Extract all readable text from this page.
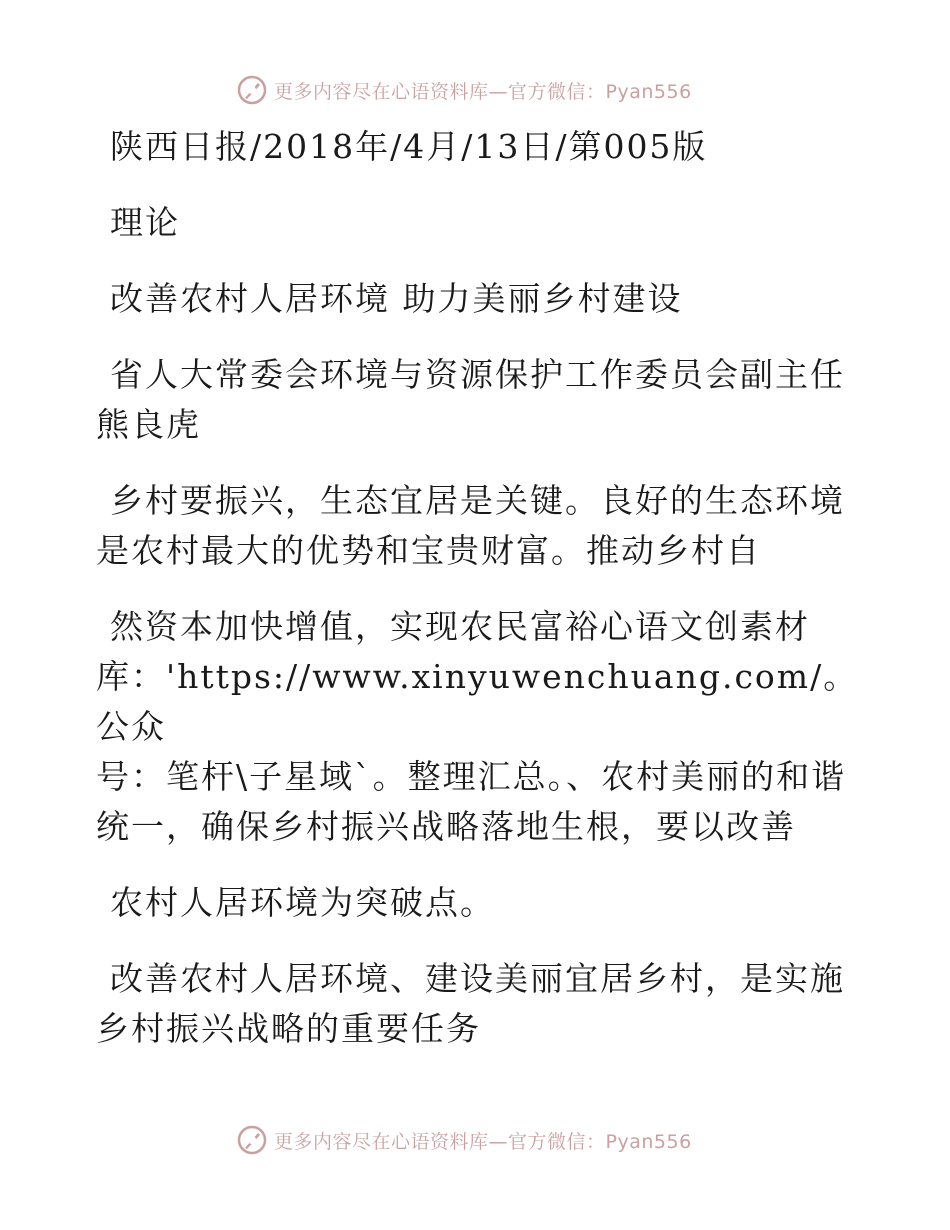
更多内容尽在心语资料库—官方微信：Pyan556

陕西日报/2018年/4月/13日/第005版

理论

改善农村人居环境 助力美丽乡村建设

省人大常委会环境与资源保护工作委员会副主任

熊良虎

乡村要振兴，生态宜居是关键。良好的生态环境

是农村最大的优势和宝贵财富。推动乡村自

然资本加快增值，实现农民富裕心语文创素材

库：'https://www.xinyuwenchuang.com/。公众

号：笔杆\子星域`。整理汇总。、农村美丽的和谐

统一，确保乡村振兴战略落地生根，要以改善

农村人居环境为突破点。

改善农村人居环境、建设美丽宜居乡村，是实施

乡村振兴战略的重要任务

更多内容尽在心语资料库—官方微信：Pyan556
